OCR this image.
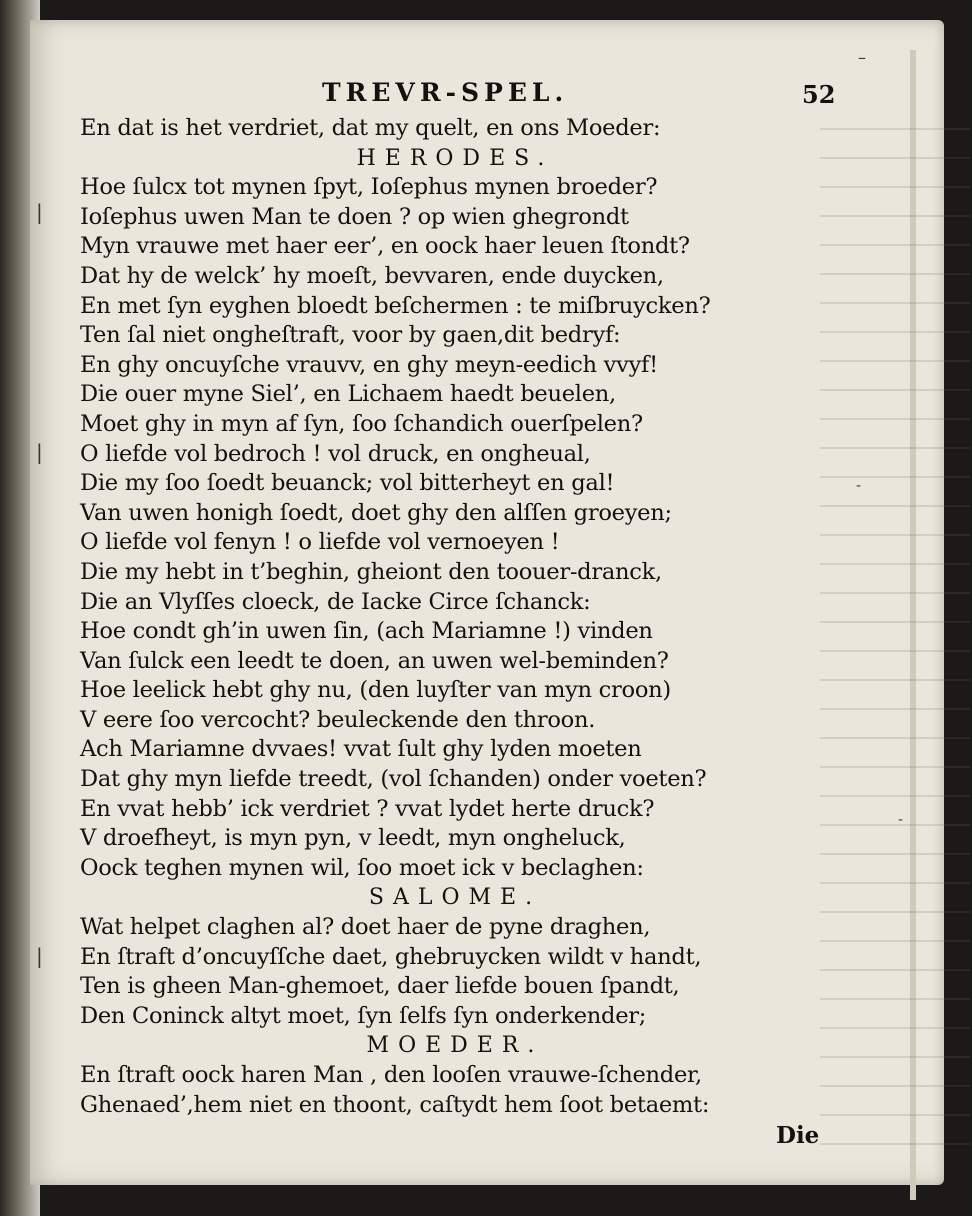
TREVR-SPEL.	52
En dat is het verdriet, dat my quelt, en ons Moeder:
HERODES.
Hoe ſulcx tot mynen ſpyt, Ioſephus mynen broeder?
Ioſephus uwen Man te doen ? op wien ghegrondt
Myn vrauwe met haer eer’, en oock haer leuen ſtondt?
Dat hy de welck’ hy moeſt, bevvaren, ende duycken,
En met ſyn eyghen bloedt beſchermen : te miſbruycken?
Ten ſal niet ongheſtraft, voor by gaen,dit bedryf:
En ghy oncuyſche vrauvv, en ghy meyn-eedich vvyf!
Die ouer myne Siel’, en Lichaem haedt beuelen,
Moet ghy in myn af ſyn, ſoo ſchandich ouerſpelen?
O liefde vol bedroch ! vol druck, en ongheual,
Die my ſoo ſoedt beuanck; vol bitterheyt en gal!
Van uwen honigh ſoedt, doet ghy den alſſen groeyen;
O liefde vol fenyn ! o liefde vol vernoeyen !
Die my hebt in t’beghin, gheiont den toouer-dranck,
Die an Vlyſſes cloeck, de Iacke Circe ſchanck:
Hoe condt gh’in uwen ſin, (ach Mariamne !) vinden
Van ſulck een leedt te doen, an uwen wel-beminden?
Hoe leelick hebt ghy nu, (den luyſter van myn croon)
V eere ſoo vercocht? beuleckende den throon.
Ach Mariamne dvvaes! vvat ſult ghy lyden moeten
Dat ghy myn liefde treedt, (vol ſchanden) onder voeten?
En vvat hebb’ ick verdriet ? vvat lydet herte druck?
V droefheyt, is myn pyn, v leedt, myn ongheluck,
Oock teghen mynen wil, ſoo moet ick v beclaghen:
SALOME.
Wat helpet claghen al? doet haer de pyne draghen,
En ſtraft d’oncuyſſche daet, ghebruycken wildt v handt,
Ten is gheen Man-ghemoet, daer liefde bouen ſpandt,
Den Coninck altyt moet, ſyn ſelfs ſyn onderkender;
MOEDER.
En ſtraft oock haren Man , den looſen vrauwe-ſchender,
Ghenaed’,hem niet en thoont, caſtydt hem ſoot betaemt:
Die
–
|
|
|
-
-
